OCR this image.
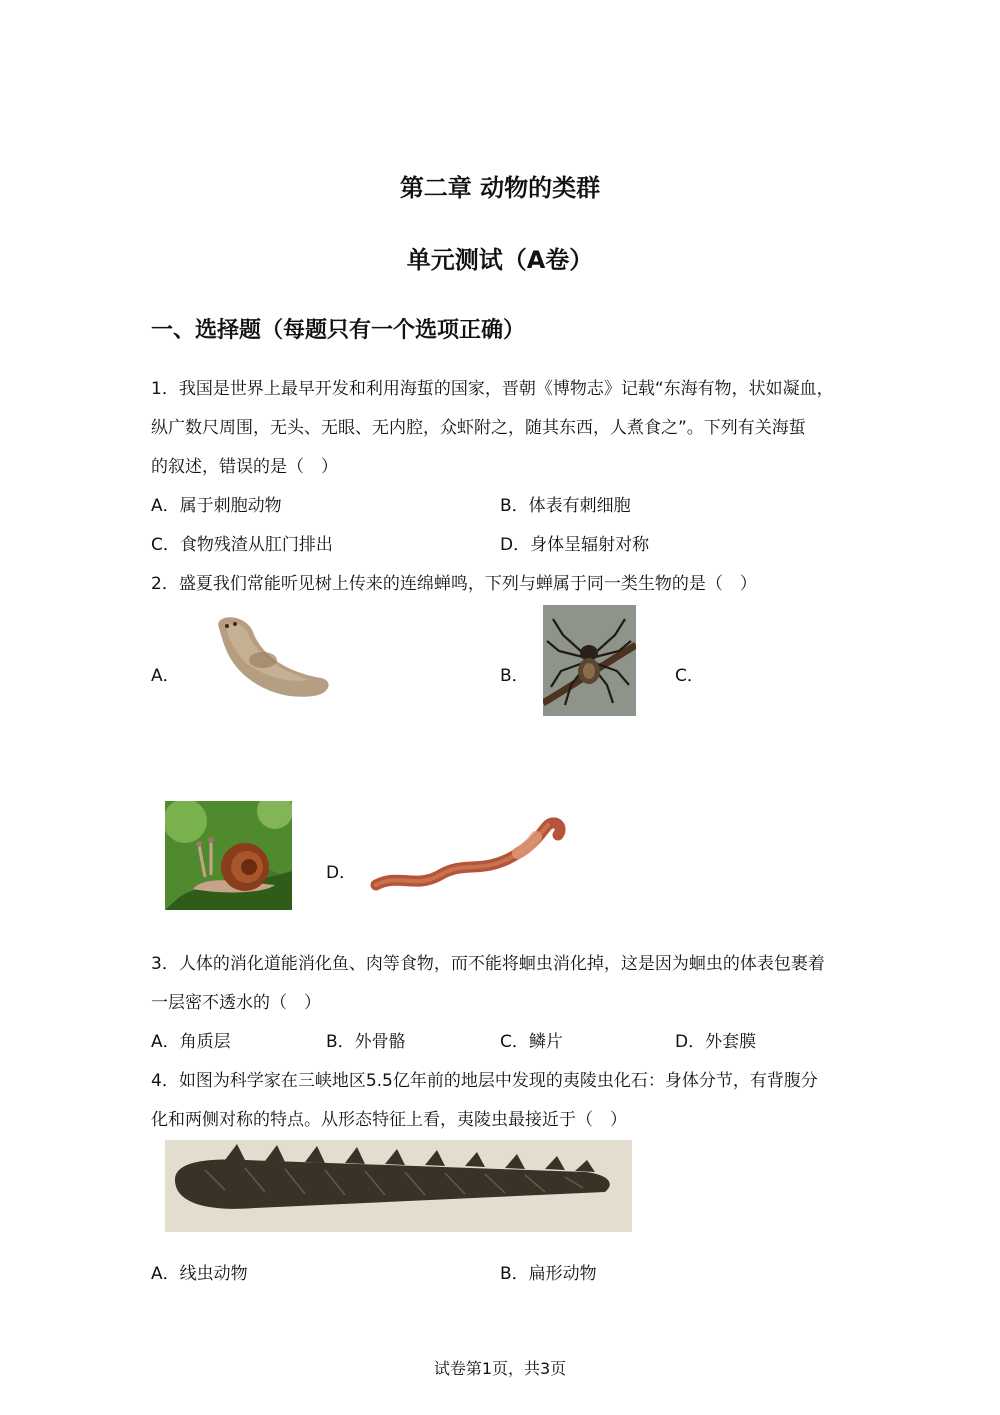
第二章 动物的类群
单元测试（A卷）
一、选择题（每题只有一个选项正确）
1．我国是世界上最早开发和利用海蜇的国家，晋朝《博物志》记载“东海有物，状如凝血，
纵广数尺周围，无头、无眼、无内腔，众虾附之，随其东西，人煮食之”。下列有关海蜇
的叙述，错误的是（　）
A．属于刺胞动物	B．体表有刺细胞
C．食物残渣从肛门排出	D．身体呈辐射对称
2．盛夏我们常能听见树上传来的连绵蝉鸣，下列与蝉属于同一类生物的是（　）
A．	B．	C．
D．
3．人体的消化道能消化鱼、肉等食物，而不能将蛔虫消化掉，这是因为蛔虫的体表包裹着
一层密不透水的（　）
A．角质层	B．外骨骼	C．鳞片	D．外套膜
4．如图为科学家在三峡地区5.5亿年前的地层中发现的夷陵虫化石：身体分节，有背腹分
化和两侧对称的特点。从形态特征上看，夷陵虫最接近于（　）
A．线虫动物	B．扁形动物
试卷第1页，共3页
